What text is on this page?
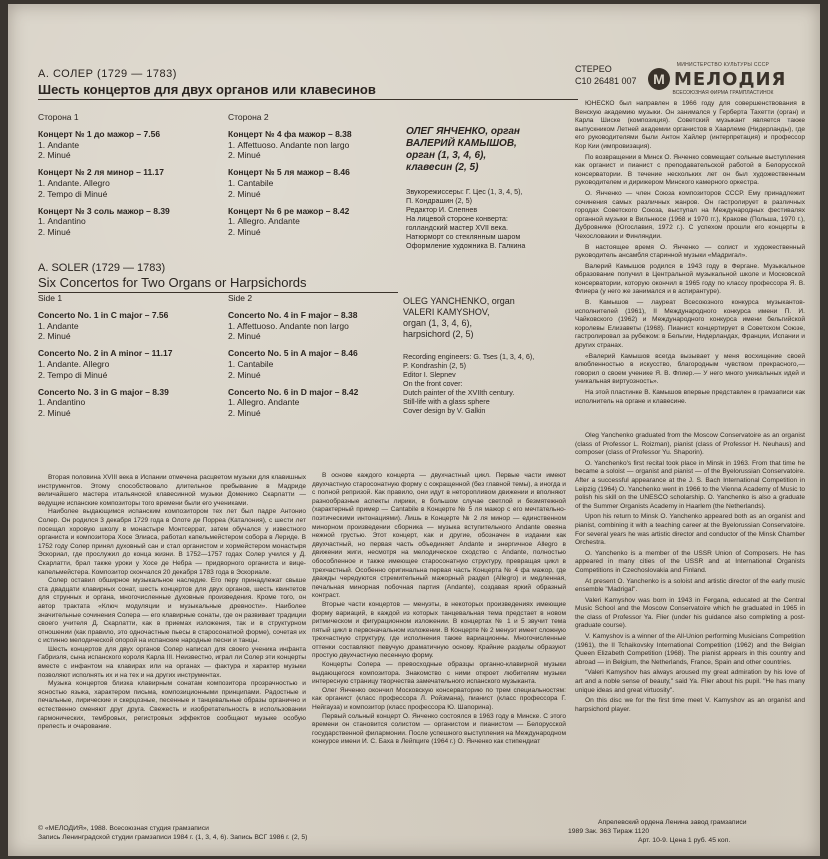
А. СОЛЕР (1729 — 1783)
Шесть концертов для двух органов или клавесинов
СТЕРЕО
С10 26481 007
МИНИСТЕРСТВО КУЛЬТУРЫ СССР
М МЕЛОДИЯ
ВСЕСОЮЗНАЯ ФИРМА ГРАМПЛАСТИНОК
Сторона 1
Концерт № 1 до мажор – 7.56
1. Andante
2. Minué
Концерт № 2 ля минор – 11.17
1. Andante. Allegro
2. Tempo di Minué
Концерт № 3 соль мажор – 8.39
1. Andantino
2. Minué
Сторона 2
Концерт № 4 фа мажор – 8.38
1. Affettuoso. Andante non largo
2. Minué
Концерт № 5 ля мажор – 8.46
1. Cantabile
2. Minué
Концерт № 6 ре мажор – 8.42
1. Allegro. Andante
2. Minué
ОЛЕГ ЯНЧЕНКО, орган
ВАЛЕРИЙ КАМЫШОВ,
орган (1, 3, 4, 6),
клавесин (2, 5)
Звукорежиссеры: Г. Цес (1, 3, 4, 5),
П. Кондрашин (2, 5)
Редактор И. Слепнев
На лицевой стороне конверта:
голландский мастер XVII века.
Натюрморт со стеклянным шаром
Оформление художника В. Галкина
A. SOLER (1729 — 1783)
Six Concertos for Two Organs or Harpsichords
Side 1
Concerto No. 1 in C major – 7.56
1. Andante
2. Minué
Concerto No. 2 in A minor – 11.17
1. Andante. Allegro
2. Tempo di Minué
Concerto No. 3 in G major – 8.39
1. Andantino
2. Minué
Side 2
Concerto No. 4 in F major – 8.38
1. Affettuoso. Andante non largo
2. Minué
Concerto No. 5 in A major – 8.46
1. Cantabile
2. Minué
Concerto No. 6 in D major – 8.42
1. Allegro. Andante
2. Minué
OLEG YANCHENKO, organ
VALERI KAMYSHOV,
organ (1, 3, 4, 6),
harpsichord (2, 5)
Recording engineers: G. Tses (1, 3, 4, 6),
P. Kondrashin (2, 5)
Editor I. Slepnev
On the front cover:
Dutch painter of the XVIIth century.
Still-life with a glass sphere
Cover design by V. Galkin

ЮНЕСКО был направлен в 1966 году для совершенствования в Венскую академию музыки. Он занимался у Герберта Тахетти (орган) и Карла Шиске (композиция). Советский музыкант является также выпускником Летней академии органистов в Хаарлеме (Нидерланды), где его руководителями были Антон Хайлер (интерпретация) и профессор Кор Кии (импровизация).

По возвращении в Минск О. Янченко совмещает сольные выступления как органист и пианист с преподавательской работой в Белорусской консерватории. В течение нескольких лет он был художественным руководителем и дирижером Минского камерного оркестра.

О. Янченко — член Союза композиторов СССР. Ему принадлежит сочинения самых различных жанров. Он гастролирует в различных городах Советского Союза, выступал на Международных фестивалях органной музыки в Вильнюсе (1968 и 1970 гг.), Кракове (Польша, 1970 г.), Дубровнике (Югославия, 1972 г.). С успехом прошли его концерты в Чехословакии и Финляндии.

В настоящее время О. Янченко — солист и художественный руководитель ансамбля старинной музыки «Мадригал».

Валерий Камышов родился в 1943 году в Фергане. Музыкальное образование получил в Центральной музыкальной школе и Московской консерватории, которую окончил в 1965 году по классу профессора Я. В. Флиера (у него же занимался и в аспирантуре).

В. Камышов — лауреат Всесоюзного конкурса музыкантов-исполнителей (1961), II Международного конкурса имени П. И. Чайковского (1962) и Международного конкурса имени бельгийской королевы Елизаветы (1968). Пианист концертирует в Советском Союзе, гастролировал за рубежом: в Бельгии, Нидерландах, Франции, Испании и других странах.

«Валерий Камышов всегда вызывает у меня восхищение своей влюбленностью в искусство, благородным чувством прекрасного,— говорил о своем ученике Я. В. Флиер.— У него много уникальных идей и уникальная виртуозность».

На этой пластинке В. Камышов впервые представлен в грамзаписи как исполнитель на органе и клавесине.

Oleg Yanchenko graduated from the Moscow Conservatoire as an organist (class of Professor L. Roizman), pianist (class of Professor H. Neuhaus) and composer (class of Professor Yu. Shaporin).

O. Yanchenko's first recital took place in Minsk in 1963. From that time he became a soloist — organist and pianist — of the Byelorussian Conservatoire. After a successful appearance at the J. S. Bach International Competition in Leipzig (1964) O. Yanchenko went in 1966 to the Vienna Academy of Music to polish his skill on the UNESCO scholarship. O. Yanchenko is also a graduate of the Summer Organists Academy in Haarlem (the Netherlands).

Upon his return to Minsk O. Yanchenko appeared both as an organist and pianist, combining it with a teaching career at the Byelorussian Conservatoire. For several years he was artistic director and conductor of the Minsk Chamber Orchestra.

O. Yanchenko is a member of the USSR Union of Composers. He has appeared in many cities of the USSR and at International Organists Competitions in Czechoslovakia and Finland.

At present O. Yanchenko is a soloist and artistic director of the early music ensemble "Madrigal".

Valeri Kamyshov was born in 1943 in Fergana, educated at the Central Music School and the Moscow Conservatoire which he graduated in 1965 in the class of Professor Ya. Flier (under his guidance also completing a post-graduate course).

V. Kamyshov is a winner of the All-Union performing Musicians Competition (1961), the II Tchaikovsky International Competition (1962) and the Belgian Queen Elizabeth Competition (1968). The pianist appears in this country and abroad — in Belgium, the Netherlands, France, Spain and other countries.

"Valeri Kamyshov has always aroused my great admiration by his love of art and a noble sense of beauty," said Ya. Flier about his pupil. "He has many unique ideas and great virtuosity".

On this disc we for the first time meet V. Kamyshov as an organist and harpsichord player.

Вторая половина XVIII века в Испании отмечена расцветом музыки для клавишных инструментов. Этому способствовало длительное пребывание в Мадриде величайшего мастера итальянской клавесинной музыки Доменико Скарлатти — ведущие испанские композиторы того времени были его учениками.

Наиболее выдающимся испанским композитором тех лет был падре Антонио Солер. Он родился 3 декабря 1729 года в Олоте де Порреа (Каталония), с шести лет посещал хоровую школу в монастыре Монтсеррат, затем обучался у известного органиста и композитора Хосе Элиаса, работал капельмейстером собора в Лериде. В 1752 году Солер принял духовный сан и стал органистом и хормейстером монастыря Эскориал, где прослужил до конца жизни. В 1752—1757 годах Солер учился у Д. Скарлатти, брал также уроки у Хосе де Небра — придворного органиста и вице-капельмейстера. Композитор скончался 20 декабря 1783 года в Эскориале.

Солер оставил обширное музыкальное наследие. Его перу принадлежат свыше ста двадцати клавирных сонат, шесть концертов для двух органов, шесть квинтетов для струнных и органа, многочисленные духовные произведения. Кроме того, он автор трактата «Ключ модуляции и музыкальные древности». Наиболее значительные сочинения Солера — его клавирные сонаты, где он развивает традиции своего учителя Д. Скарлатти, как в приемах изложения, так и в структурном отношении (как правило, это одночастные пьесы в старосонатной форме), сочетая их с истинно мелодической опорой на испанские народные песни и танцы.

Шесть концертов для двух органов Солер написал для своего ученика инфанта Габриэля, сына испанского короля Карла III. Неизвестно, играл ли Солер эти концерты вместе с инфантом на клавирах или на органах — фактура и характер музыки позволяют исполнять их и на тех и на других инструментах.

Музыка концертов близка клавирным сонатам композитора прозрачностью и ясностью языка, характером письма, композиционными принципами. Радостные и печальные, лирические и скерцозные, песенные и танцевальные образы органично и естественно сменяют друг друга. Свежесть и изобретательность в использовании гармонических, тембровых, регистровых эффектов сообщают музыке особую прелесть и очарование.

В основе каждого концерта — двухчастный цикл. Первые части имеют двухчастную старосонатную форму с сокращенной (без главной темы), а иногда и с полной репризой. Как правило, они идут в неторопливом движении и вполняют разнообразные аспекты лирики, в большом случае светлой и безмятежной (характерный пример — Cantabile в Концерте № 5 ля мажор с его мечтательно-поэтическими интонациями). Лишь в Концерте № 2 ля минор — единственном минорном произведении сборника — музыка вступительного Andante овеяна нежной грустью. Этот концерт, как и другие, обозначен в издании как двухчастный, но первая часть объединяет Andante и энергичное Allegro в движении жиги, несмотря на мелодическое сходство с Andante, полностью обособленное и также имеющее старосонатную структуру, превращая цикл в трехчастный. Особенно оригинальна первая часть Концерта № 4 фа мажор, где дважды чередуются стремительный мажорный раздел (Allegro) и медленная, печальная минорная побочная партия (Andante), создавая яркий образный контраст.

Вторые части концертов — менуэты, в некоторых произведениях имеющие форму вариаций, в каждой из которых танцевальная тема предстает в новом ритмическом и фигурационном изложении. В концертах № 1 и 5 звучит тема пятый цикл в первоначальном изложении. В Концерте № 2 менуэт имеет сложную трехчастную структуру, где исполнения также вариационны. Многочисленные оттенки составляют певучую драматичную основу. Крайние разделы образуют простую двухчастную песенную форму.

Концерты Солера — превосходные образцы органно-клавирной музыки выдающегося композитора. Знакомство с ними откроет любителям музыки интересную страницу творчества замечательного испанского музыканта.

Олег Янченко окончил Московскую консерваторию по трем специальностям: как органист (класс профессора Л. Ройзмана), пианист (класс профессора Г. Нейгауза) и композитор (класс профессора Ю. Шапорина).

Первый сольный концерт О. Янченко состоялся в 1963 году в Минске. С этого времени он становится солистом — органистом и пианистом — Белорусской государственной филармонии. После успешного выступления на Международном конкурсе имени И. С. Баха в Лейпциге (1964 г.) О. Янченко как стипендиат

© «МЕЛОДИЯ», 1988. Всесоюзная студия грамзаписи
Запись Ленинградской студии грамзаписи 1984 г. (1, 3, 4, 6). Запись ВСГ 1986 г. (2, 5)
Апрелевский ордена Ленина завод грамзаписи
1989 Зак. 363 Тираж 1120
Арт. 10-9. Цена 1 руб. 45 коп.
